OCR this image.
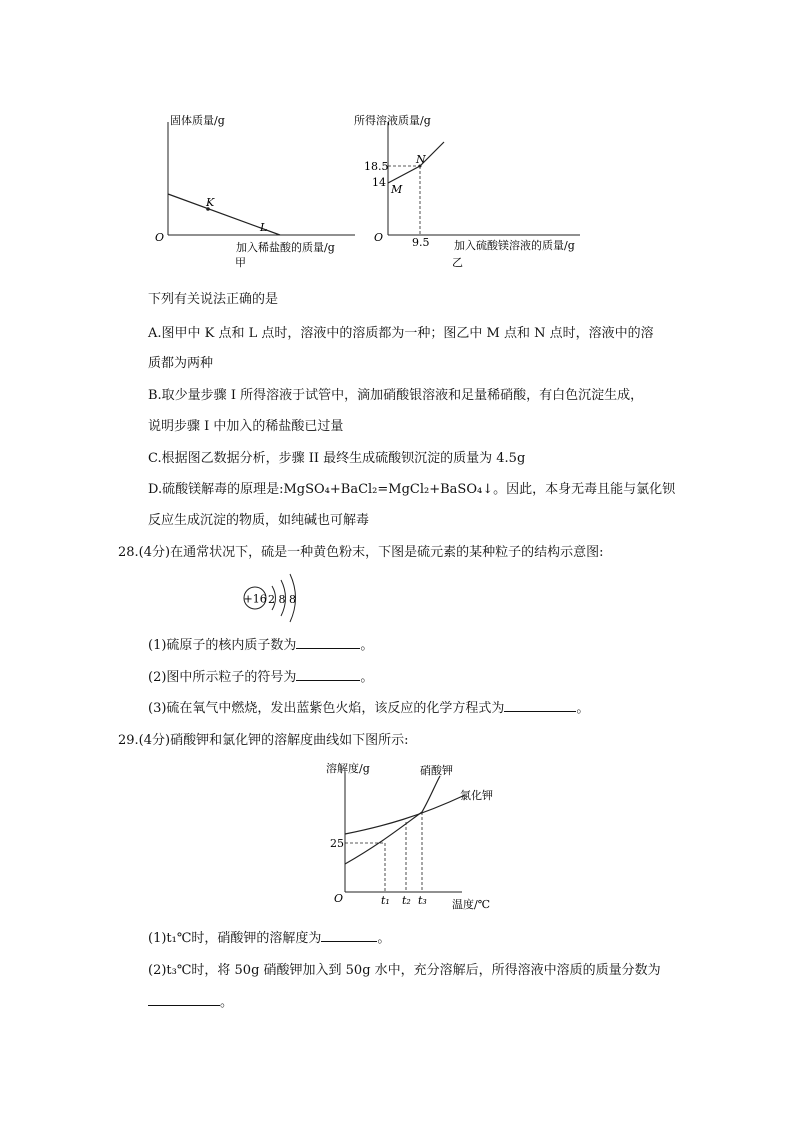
固体质量/g
O
K
L
加入稀盐酸的质量/g
甲
所得溶液质量/g
18.5
14
M
N
O	9.5 加入硫酸镁溶液的质量/g
乙
下列有关说法正确的是
A.图甲中 K 点和 L 点时，溶液中的溶质都为一种；图乙中 M 点和 N 点时，溶液中的溶
质都为两种
B.取少量步骤 I 所得溶液于试管中，滴加硝酸银溶液和足量稀硝酸，有白色沉淀生成，
说明步骤 I 中加入的稀盐酸已过量
C.根据图乙数据分析，步骤 II 最终生成硫酸钡沉淀的质量为 4.5g
D.硫酸镁解毒的原理是:MgSO₄+BaCl₂=MgCl₂+BaSO₄↓。因此，本身无毒且能与氯化钡
反应生成沉淀的物质，如纯碱也可解毒
28.(4分)在通常状况下，硫是一种黄色粉末，下图是硫元素的某种粒子的结构示意图:
+16 2 8 8
(1)硫原子的核内质子数为	。
(2)图中所示粒子的符号为	。
(3)硫在氧气中燃烧，发出蓝紫色火焰，该反应的化学方程式为	。
29.(4分)硝酸钾和氯化钾的溶解度曲线如下图所示:
溶解度/g	硝酸钾
氯化钾
25
O	t₁ t₂ t₃ 温度/℃
(1)t₁℃时，硝酸钾的溶解度为	。
(2)t₃℃时，将 50g 硝酸钾加入到 50g 水中，充分溶解后，所得溶液中溶质的质量分数为
。
